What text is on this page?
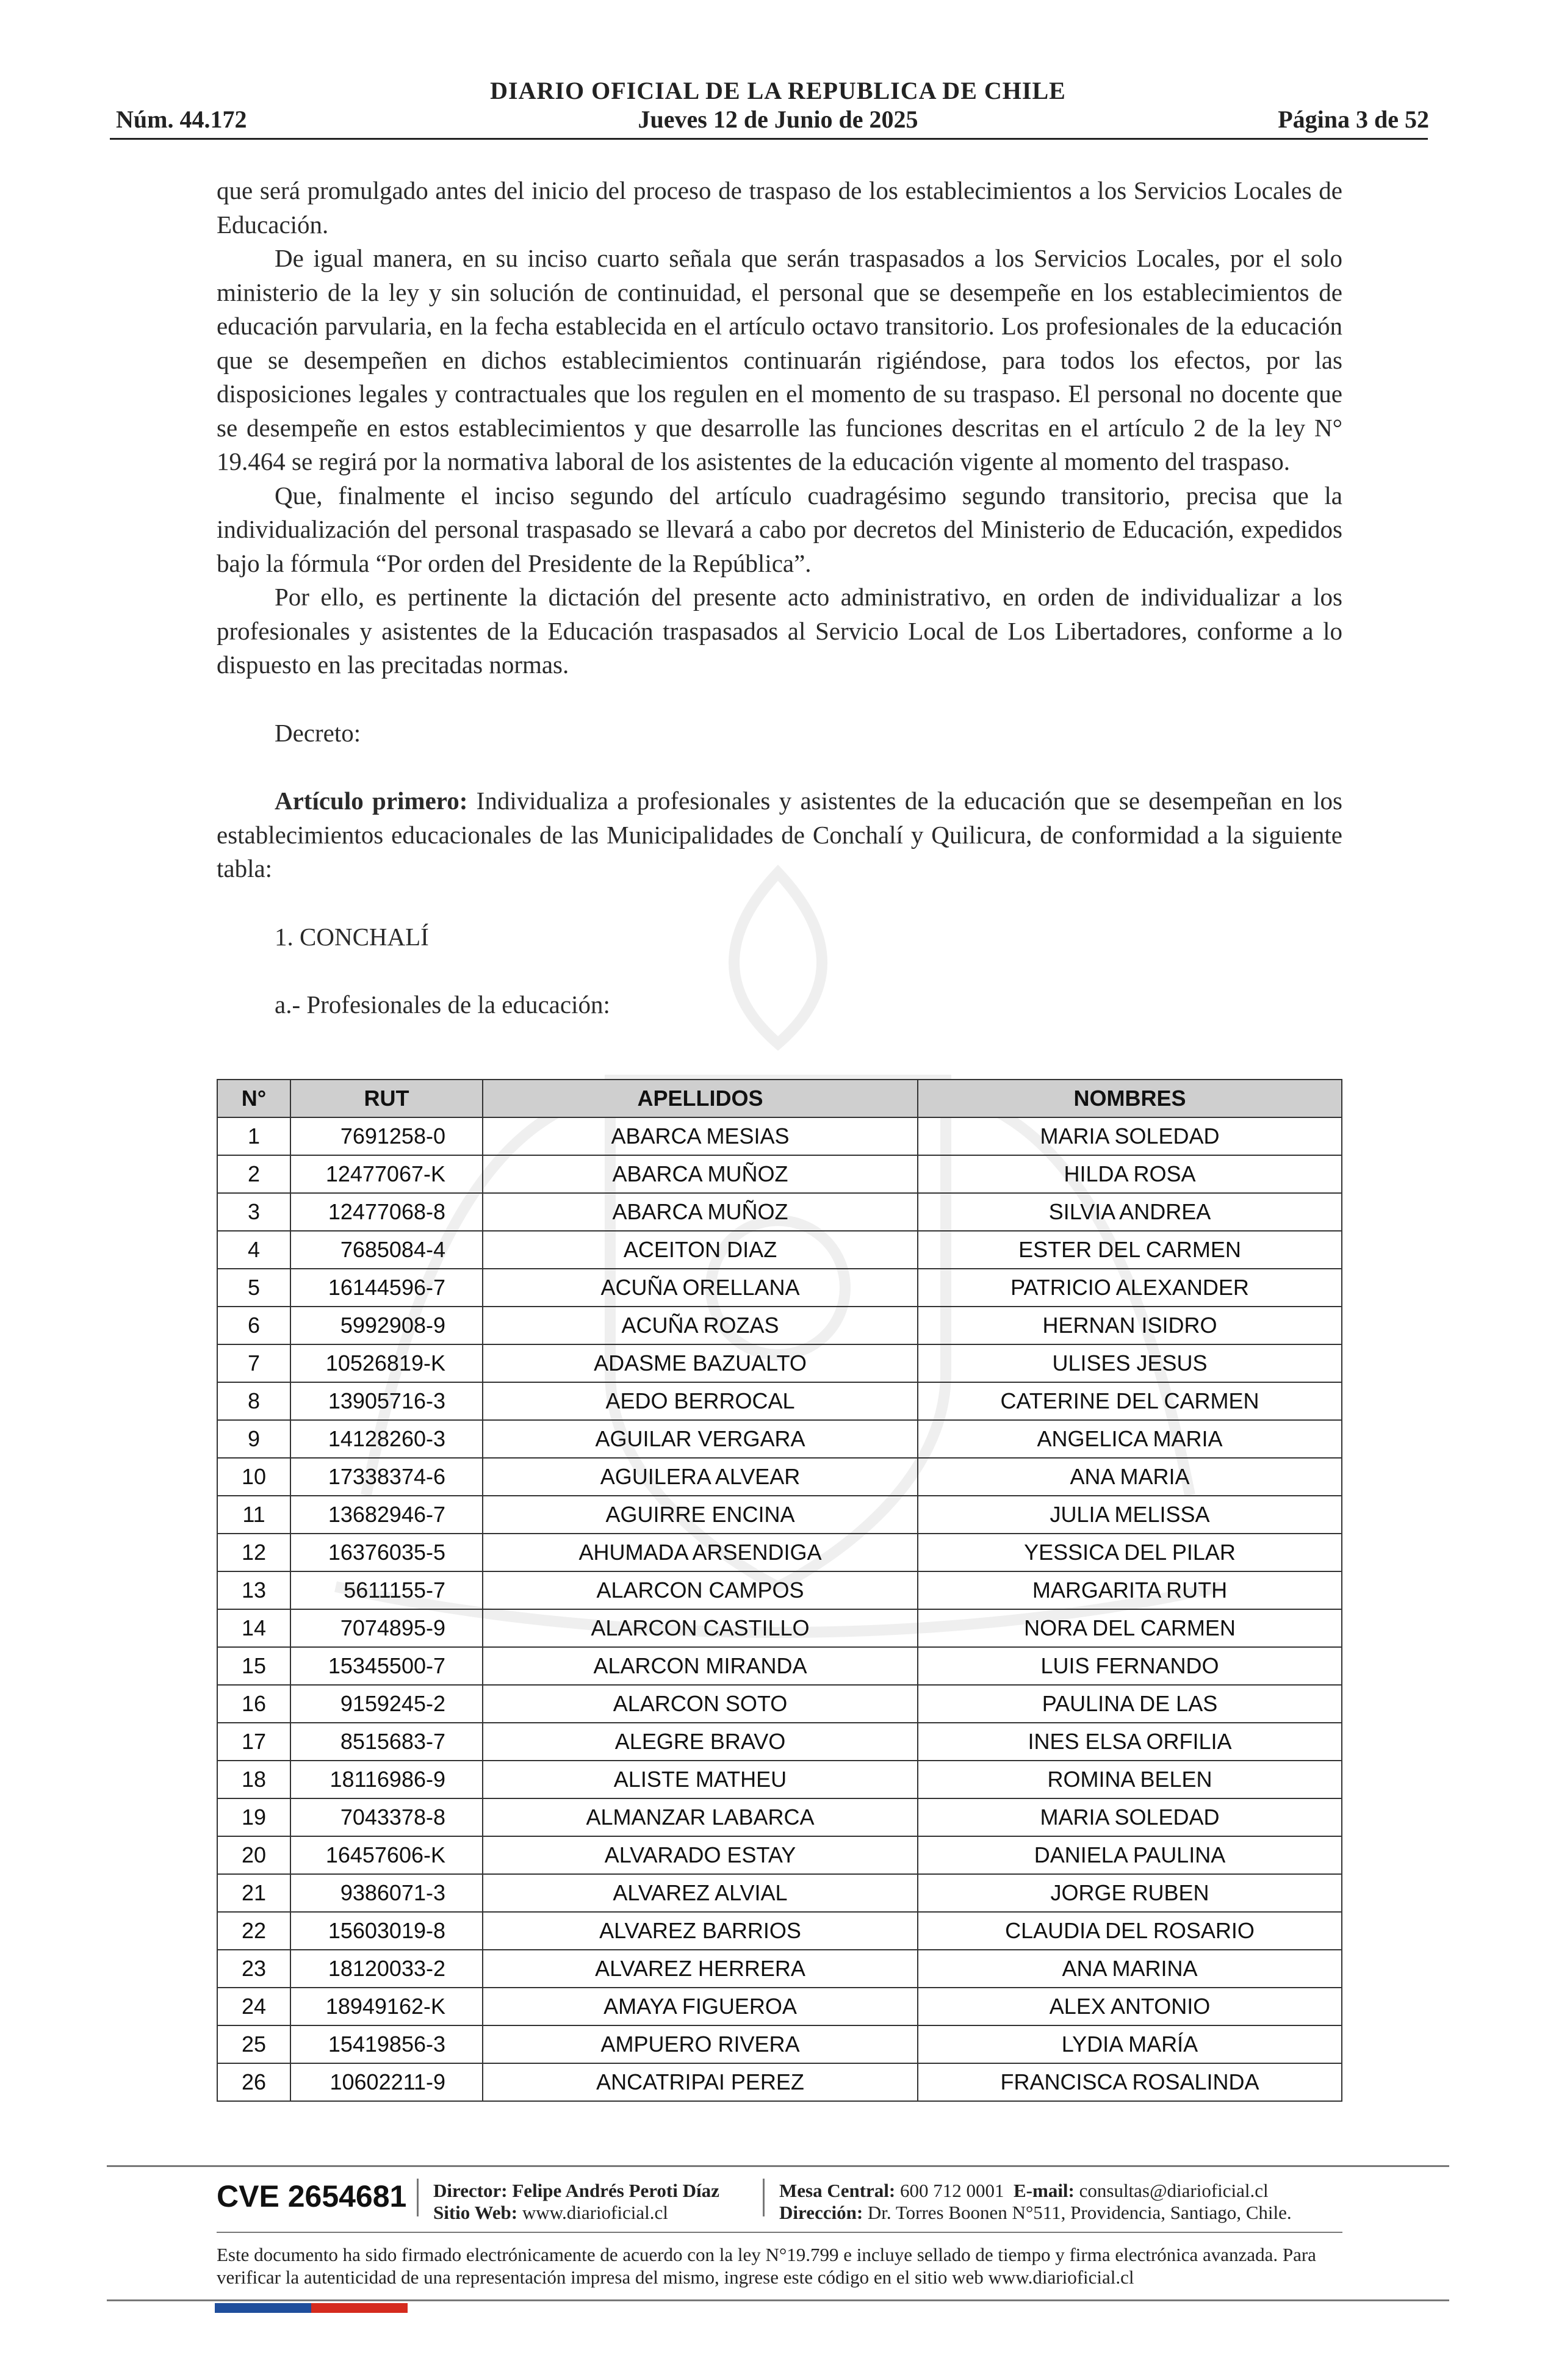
DIARIO OFICIAL DE LA REPUBLICA DE CHILE
Jueves 12 de Junio de 2025
Núm. 44.172	Página 3 de 52

que será promulgado antes del inicio del proceso de traspaso de los establecimientos a los Servicios Locales de Educación.

De igual manera, en su inciso cuarto señala que serán traspasados a los Servicios Locales, por el solo ministerio de la ley y sin solución de continuidad, el personal que se desempeñe en los establecimientos de educación parvularia, en la fecha establecida en el artículo octavo transitorio. Los profesionales de la educación que se desempeñen en dichos establecimientos continuarán rigiéndose, para todos los efectos, por las disposiciones legales y contractuales que los regulen en el momento de su traspaso. El personal no docente que se desempeñe en estos establecimientos y que desarrolle las funciones descritas en el artículo 2 de la ley N° 19.464 se regirá por la normativa laboral de los asistentes de la educación vigente al momento del traspaso.

Que, finalmente el inciso segundo del artículo cuadragésimo segundo transitorio, precisa que la individualización del personal traspasado se llevará a cabo por decretos del Ministerio de Educación, expedidos bajo la fórmula “Por orden del Presidente de la República”.

Por ello, es pertinente la dictación del presente acto administrativo, en orden de individualizar a los profesionales y asistentes de la Educación traspasados al Servicio Local de Los Libertadores, conforme a lo dispuesto en las precitadas normas.

Decreto:

Artículo primero: Individualiza a profesionales y asistentes de la educación que se desempeñan en los establecimientos educacionales de las Municipalidades de Conchalí y Quilicura, de conformidad a la siguiente tabla:

1. CONCHALÍ

a.- Profesionales de la educación:

N°	RUT	APELLIDOS	NOMBRES
1	7691258-0	ABARCA MESIAS	MARIA SOLEDAD
2	12477067-K	ABARCA MUÑOZ	HILDA ROSA
3	12477068-8	ABARCA MUÑOZ	SILVIA ANDREA
4	7685084-4	ACEITON DIAZ	ESTER DEL CARMEN
5	16144596-7	ACUÑA ORELLANA	PATRICIO ALEXANDER
6	5992908-9	ACUÑA ROZAS	HERNAN ISIDRO
7	10526819-K	ADASME BAZUALTO	ULISES JESUS
8	13905716-3	AEDO BERROCAL	CATERINE DEL CARMEN
9	14128260-3	AGUILAR VERGARA	ANGELICA MARIA
10	17338374-6	AGUILERA ALVEAR	ANA MARIA
11	13682946-7	AGUIRRE ENCINA	JULIA MELISSA
12	16376035-5	AHUMADA ARSENDIGA	YESSICA DEL PILAR
13	5611155-7	ALARCON CAMPOS	MARGARITA RUTH
14	7074895-9	ALARCON CASTILLO	NORA DEL CARMEN
15	15345500-7	ALARCON MIRANDA	LUIS FERNANDO
16	9159245-2	ALARCON SOTO	PAULINA DE LAS
17	8515683-7	ALEGRE BRAVO	INES ELSA ORFILIA
18	18116986-9	ALISTE MATHEU	ROMINA BELEN
19	7043378-8	ALMANZAR LABARCA	MARIA SOLEDAD
20	16457606-K	ALVARADO ESTAY	DANIELA PAULINA
21	9386071-3	ALVAREZ ALVIAL	JORGE RUBEN
22	15603019-8	ALVAREZ BARRIOS	CLAUDIA DEL ROSARIO
23	18120033-2	ALVAREZ HERRERA	ANA MARINA
24	18949162-K	AMAYA FIGUEROA	ALEX ANTONIO
25	15419856-3	AMPUERO RIVERA	LYDIA MARÍA
26	10602211-9	ANCATRIPAI PEREZ	FRANCISCA ROSALINDA
CVE 2654681 Director: Felipe Andrés Peroti Díaz
Sitio Web: www.diarioficial.cl
Mesa Central: 600 712 0001 E-mail: consultas@diarioficial.cl
Dirección: Dr. Torres Boonen N°511, Providencia, Santiago, Chile.
Este documento ha sido firmado electrónicamente de acuerdo con la ley N°19.799 e incluye sellado de tiempo y firma electrónica avanzada. Para verificar la autenticidad de una representación impresa del mismo, ingrese este código en el sitio web www.diarioficial.cl
